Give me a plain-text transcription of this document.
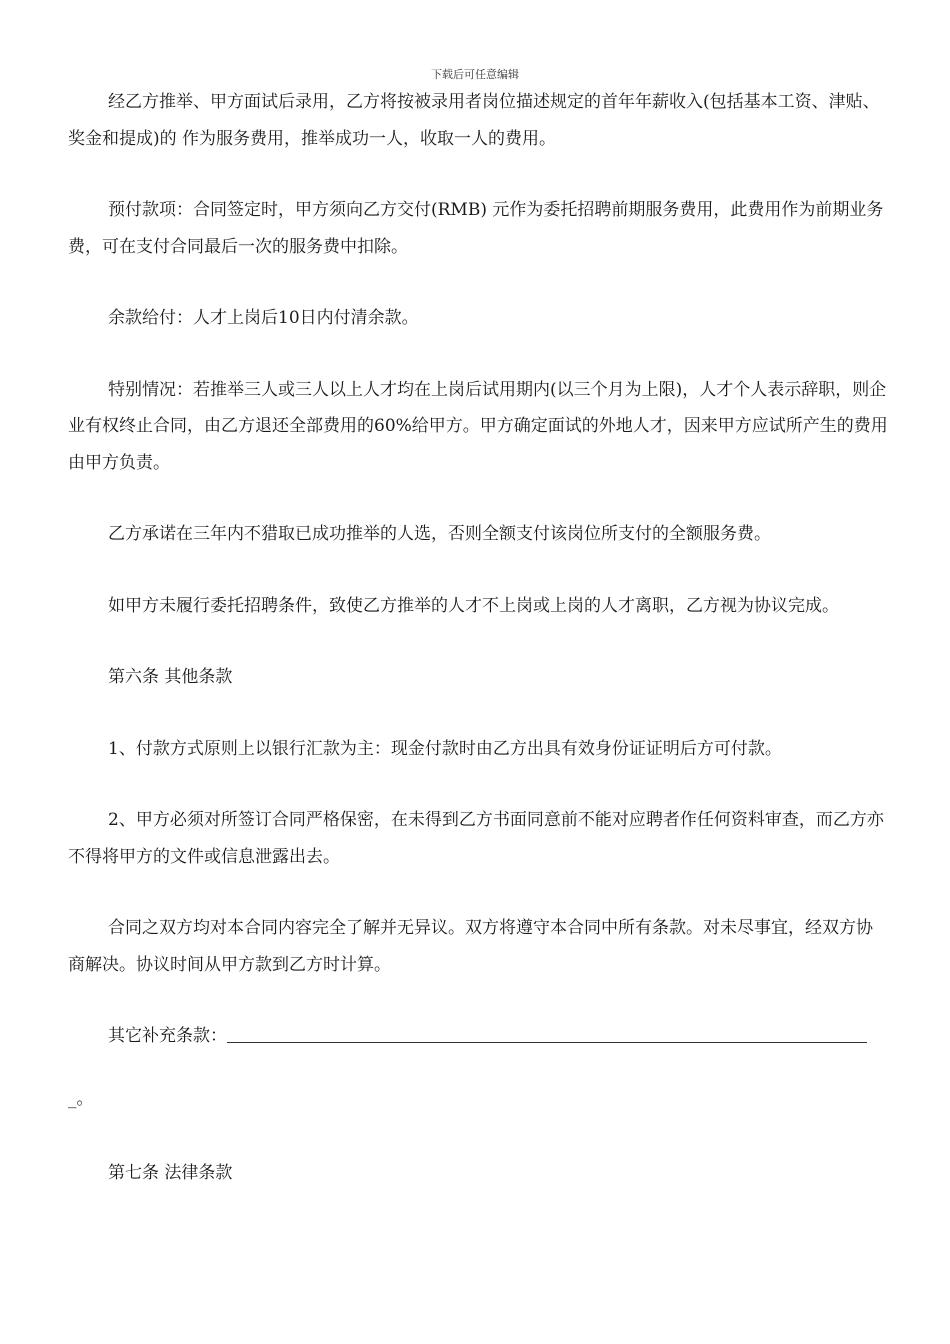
下载后可任意编辑

经乙方推举、甲方面试后录用，乙方将按被录用者岗位描述规定的首年年薪收入(包括基本工资、津贴、奖金和提成)的 作为服务费用，推举成功一人，收取一人的费用。

预付款项：合同签定时，甲方须向乙方交付(RMB) 元作为委托招聘前期服务费用，此费用作为前期业务费，可在支付合同最后一次的服务费中扣除。

余款给付：人才上岗后10日内付清余款。

特别情况：若推举三人或三人以上人才均在上岗后试用期内(以三个月为上限)，人才个人表示辞职，则企业有权终止合同，由乙方退还全部费用的60%给甲方。甲方确定面试的外地人才，因来甲方应试所产生的费用由甲方负责。

乙方承诺在三年内不猎取已成功推举的人选，否则全额支付该岗位所支付的全额服务费。

如甲方未履行委托招聘条件，致使乙方推举的人才不上岗或上岗的人才离职，乙方视为协议完成。

第六条 其他条款

1、付款方式原则上以银行汇款为主：现金付款时由乙方出具有效身份证证明后方可付款。

2、甲方必须对所签订合同严格保密，在未得到乙方书面同意前不能对应聘者作任何资料审查，而乙方亦不得将甲方的文件或信息泄露出去。

合同之双方均对本合同内容完全了解并无异议。双方将遵守本合同中所有条款。对未尽事宜，经双方协商解决。协议时间从甲方款到乙方时计算。

其它补充条款：

_。

第七条 法律条款
